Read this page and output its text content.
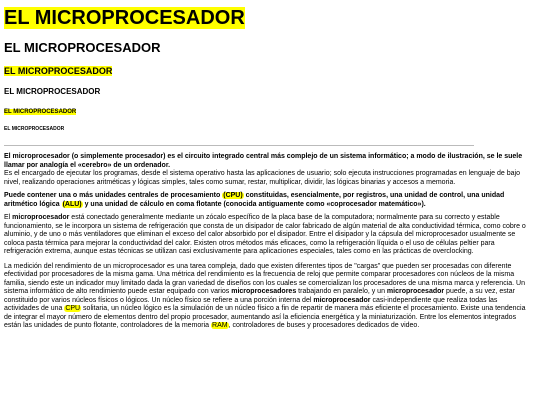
EL MICROPROCESADOR
EL MICROPROCESADOR
EL MICROPROCESADOR
EL MICROPROCESADOR
EL MICROPROCESADOR
EL MICROPROCESADOR

El microprocesador (o simplemente procesador) es el circuito integrado central más complejo de un sistema informático; a modo de ilustración, se le suele llamar por analogía el «cerebro» de un ordenador.

Es el encargado de ejecutar los programas, desde el sistema operativo hasta las aplicaciones de usuario; solo ejecuta instrucciones programadas en lenguaje de bajo nivel, realizando operaciones aritméticas y lógicas simples, tales como sumar, restar, multiplicar, dividir, las lógicas binarias y accesos a memoria.

Puede contener una o más unidades centrales de procesamiento (CPU) constituidas, esencialmente, por registros, una unidad de control, una unidad aritmético lógica (ALU) y una unidad de cálculo en coma flotante (conocida antiguamente como «coprocesador matemático»).

El microprocesador está conectado generalmente mediante un zócalo específico de la placa base de la computadora; normalmente para su correcto y estable funcionamiento, se le incorpora un sistema de refrigeración que consta de un disipador de calor fabricado de algún material de alta conductividad térmica, como cobre o aluminio, y de uno o más ventiladores que eliminan el exceso del calor absorbido por el disipador. Entre el disipador y la cápsula del microprocesador usualmente se coloca pasta térmica para mejorar la conductividad del calor. Existen otros métodos más eficaces, como la refrigeración líquida o el uso de células peltier para refrigeración extrema, aunque estas técnicas se utilizan casi exclusivamente para aplicaciones especiales, tales como en las prácticas de overclocking.

La medición del rendimiento de un microprocesador es una tarea compleja, dado que existen diferentes tipos de "cargas" que pueden ser procesadas con diferente efectividad por procesadores de la misma gama. Una métrica del rendimiento es la frecuencia de reloj que permite comparar procesadores con núcleos de la misma familia, siendo este un indicador muy limitado dada la gran variedad de diseños con los cuales se comercializan los procesadores de una misma marca y referencia. Un sistema informático de alto rendimiento puede estar equipado con varios microprocesadores trabajando en paralelo, y un microprocesador puede, a su vez, estar constituido por varios núcleos físicos o lógicos. Un núcleo físico se refiere a una porción interna del microprocesador casi-independiente que realiza todas las actividades de una CPU solitaria, un núcleo lógico es la simulación de un núcleo físico a fin de repartir de manera más eficiente el procesamiento. Existe una tendencia de integrar el mayor número de elementos dentro del propio procesador, aumentando así la eficiencia energética y la miniaturización. Entre los elementos integrados están las unidades de punto flotante, controladores de la memoria RAM, controladores de buses y procesadores dedicados de video.
